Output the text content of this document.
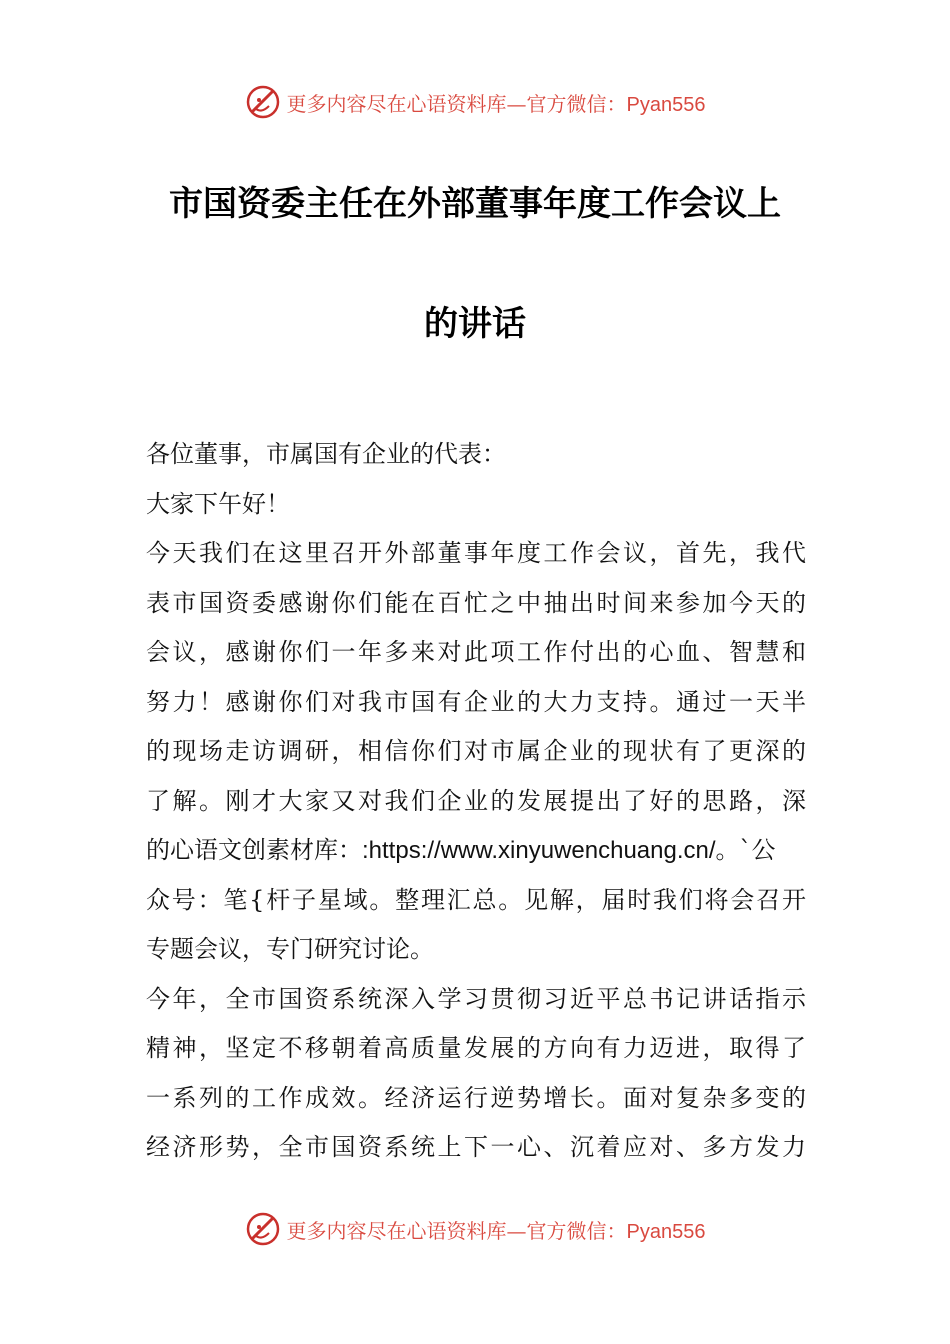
更多内容尽在心语资料库—官方微信：Pyan556
市国资委主任在外部董事年度工作会议上
的讲话
各位董事，市属国有企业的代表：
大家下午好！
今天我们在这里召开外部董事年度工作会议，首先，我代
表市国资委感谢你们能在百忙之中抽出时间来参加今天的
会议，感谢你们一年多来对此项工作付出的心血、智慧和
努力！感谢你们对我市国有企业的大力支持。通过一天半
的现场走访调研，相信你们对市属企业的现状有了更深的
了解。刚才大家又对我们企业的发展提出了好的思路，深
的心语文创素材库：:https://www.xinyuwenchuang.cn/。`公
众号：笔{杆子星域。整理汇总。见解，届时我们将会召开
专题会议，专门研究讨论。
今年，全市国资系统深入学习贯彻习近平总书记讲话指示
精神，坚定不移朝着高质量发展的方向有力迈进，取得了
一系列的工作成效。经济运行逆势增长。面对复杂多变的
经济形势，全市国资系统上下一心、沉着应对、多方发力
更多内容尽在心语资料库—官方微信：Pyan556
